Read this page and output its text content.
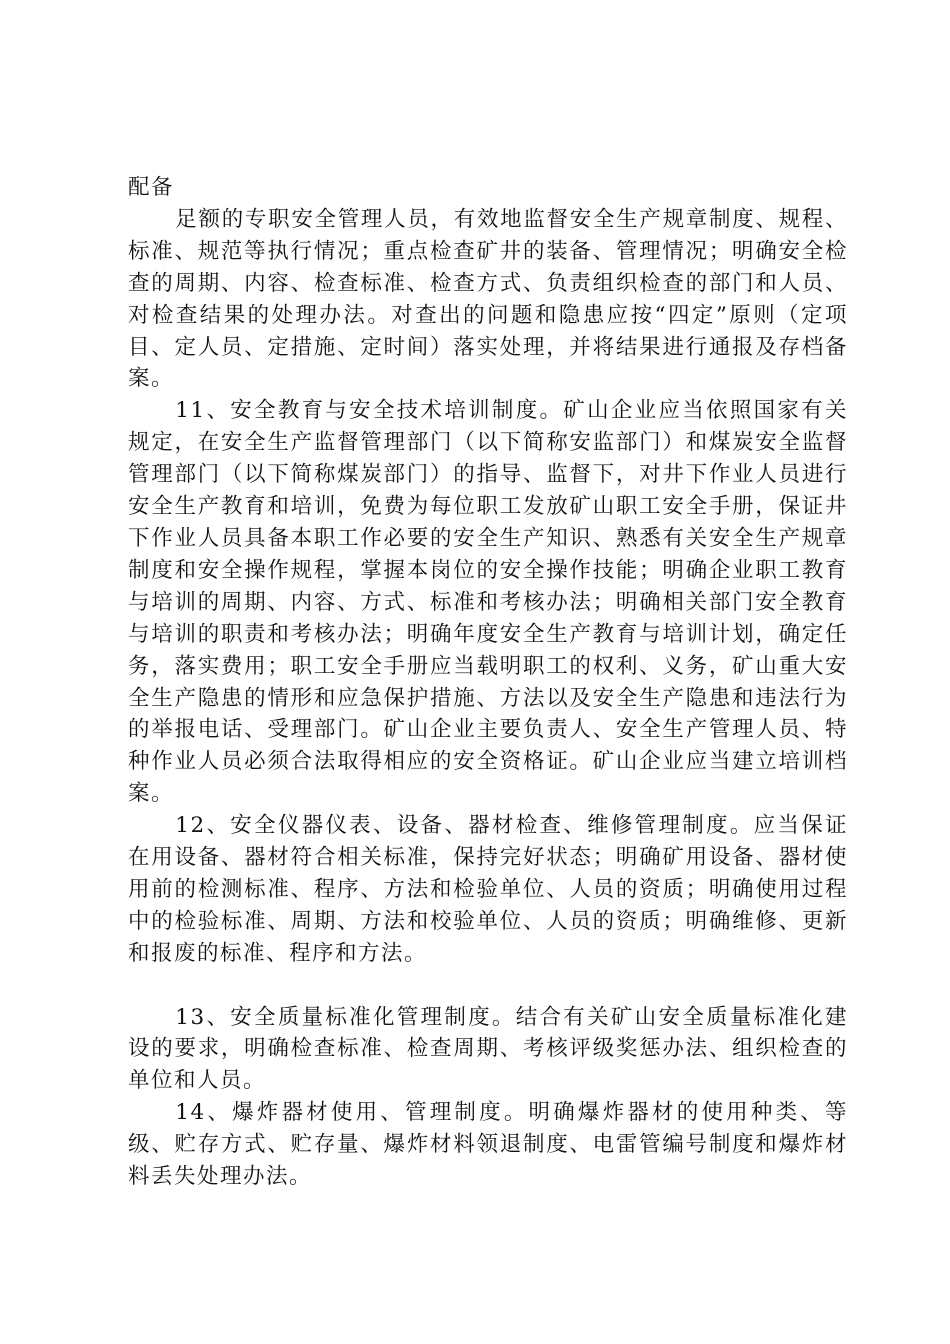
配备

足额的专职安全管理人员，有效地监督安全生产规章制度、规程、标准、规范等执行情况；重点检查矿井的装备、管理情况；明确安全检查的周期、内容、检查标准、检查方式、负责组织检查的部门和人员、对检查结果的处理办法。对查出的问题和隐患应按“四定”原则（定项目、定人员、定措施、定时间）落实处理，并将结果进行通报及存档备案。

11、安全教育与安全技术培训制度。矿山企业应当依照国家有关规定，在安全生产监督管理部门（以下简称安监部门）和煤炭安全监督管理部门（以下简称煤炭部门）的指导、监督下，对井下作业人员进行安全生产教育和培训，免费为每位职工发放矿山职工安全手册，保证井下作业人员具备本职工作必要的安全生产知识、熟悉有关安全生产规章制度和安全操作规程，掌握本岗位的安全操作技能；明确企业职工教育与培训的周期、内容、方式、标准和考核办法；明确相关部门安全教育与培训的职责和考核办法；明确年度安全生产教育与培训计划，确定任务，落实费用；职工安全手册应当载明职工的权利、义务，矿山重大安全生产隐患的情形和应急保护措施、方法以及安全生产隐患和违法行为的举报电话、受理部门。矿山企业主要负责人、安全生产管理人员、特种作业人员必须合法取得相应的安全资格证。矿山企业应当建立培训档案。

12、安全仪器仪表、设备、器材检查、维修管理制度。应当保证在用设备、器材符合相关标准，保持完好状态；明确矿用设备、器材使用前的检测标准、程序、方法和检验单位、人员的资质；明确使用过程中的检验标准、周期、方法和校验单位、人员的资质；明确维修、更新和报废的标准、程序和方法。

13、安全质量标准化管理制度。结合有关矿山安全质量标准化建设的要求，明确检查标准、检查周期、考核评级奖惩办法、组织检查的单位和人员。

14、爆炸器材使用、管理制度。明确爆炸器材的使用种类、等级、贮存方式、贮存量、爆炸材料领退制度、电雷管编号制度和爆炸材料丢失处理办法。
